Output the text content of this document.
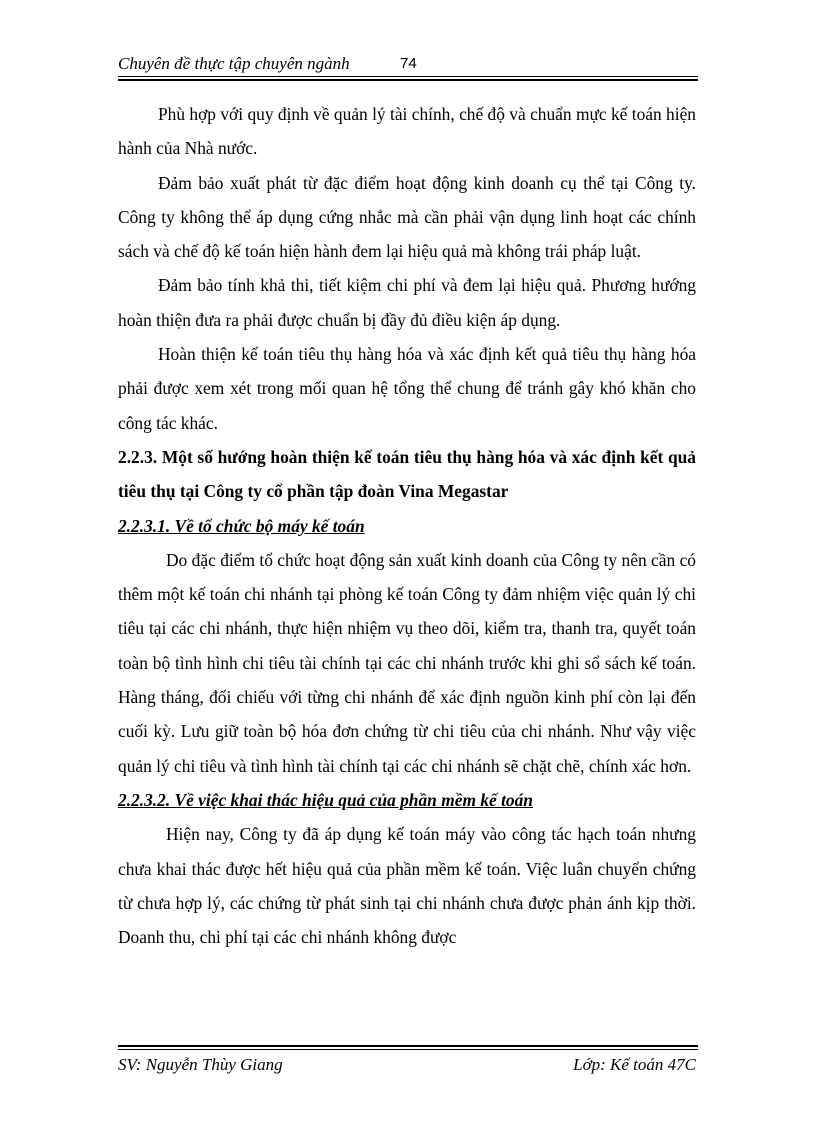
Chuyên đề thực tập chuyên ngành	74

Phù hợp với quy định về quản lý tài chính, chế độ và chuẩn mực kế toán hiện hành của Nhà nước.

Đảm bảo xuất phát từ đặc điểm hoạt động kinh doanh cụ thể tại Công ty. Công ty không thể áp dụng cứng nhắc mà cần phải vận dụng linh hoạt các chính sách và chế độ kế toán hiện hành đem lại hiệu quả mà không trái pháp luật.

Đảm bảo tính khả thi, tiết kiệm chi phí và đem lại hiệu quả. Phương hướng hoàn thiện đưa ra phải được chuẩn bị đầy đủ điều kiện áp dụng.

Hoàn thiện kế toán tiêu thụ hàng hóa và xác định kết quả tiêu thụ hàng hóa phải được xem xét trong mối quan hệ tổng thể chung để tránh gây khó khăn cho công tác khác.

2.2.3. Một số hướng hoàn thiện kế toán tiêu thụ hàng hóa và xác định kết quả tiêu thụ tại Công ty cổ phần tập đoàn Vina Megastar

2.2.3.1. Về tổ chức bộ máy kế toán

Do đặc điểm tổ chức hoạt động sản xuất kinh doanh của Công ty nên cần có thêm một kế toán chi nhánh tại phòng kế toán Công ty đảm nhiệm việc quản lý chi tiêu tại các chi nhánh, thực hiện nhiệm vụ theo dõi, kiểm tra, thanh tra, quyết toán toàn bộ tình hình chi tiêu tài chính tại các chi nhánh trước khi ghi sổ sách kế toán. Hàng tháng, đối chiếu với từng chi nhánh để xác định nguồn kinh phí còn lại đến cuối kỳ. Lưu giữ toàn bộ hóa đơn chứng từ chi tiêu của chi nhánh. Như vậy việc quản lý chi tiêu và tình hình tài chính tại các chi nhánh sẽ chặt chẽ, chính xác hơn.

2.2.3.2. Về việc khai thác hiệu quả của phần mềm kế toán

Hiện nay, Công ty đã áp dụng kế toán máy vào công tác hạch toán nhưng chưa khai thác được hết hiệu quả của phần mềm kế toán. Việc luân chuyển chứng từ chưa hợp lý, các chứng từ phát sinh tại chi nhánh chưa được phản ánh kịp thời. Doanh thu, chi phí tại các chi nhánh không được

SV: Nguyễn Thùy Giang	Lớp: Kế toán 47C
